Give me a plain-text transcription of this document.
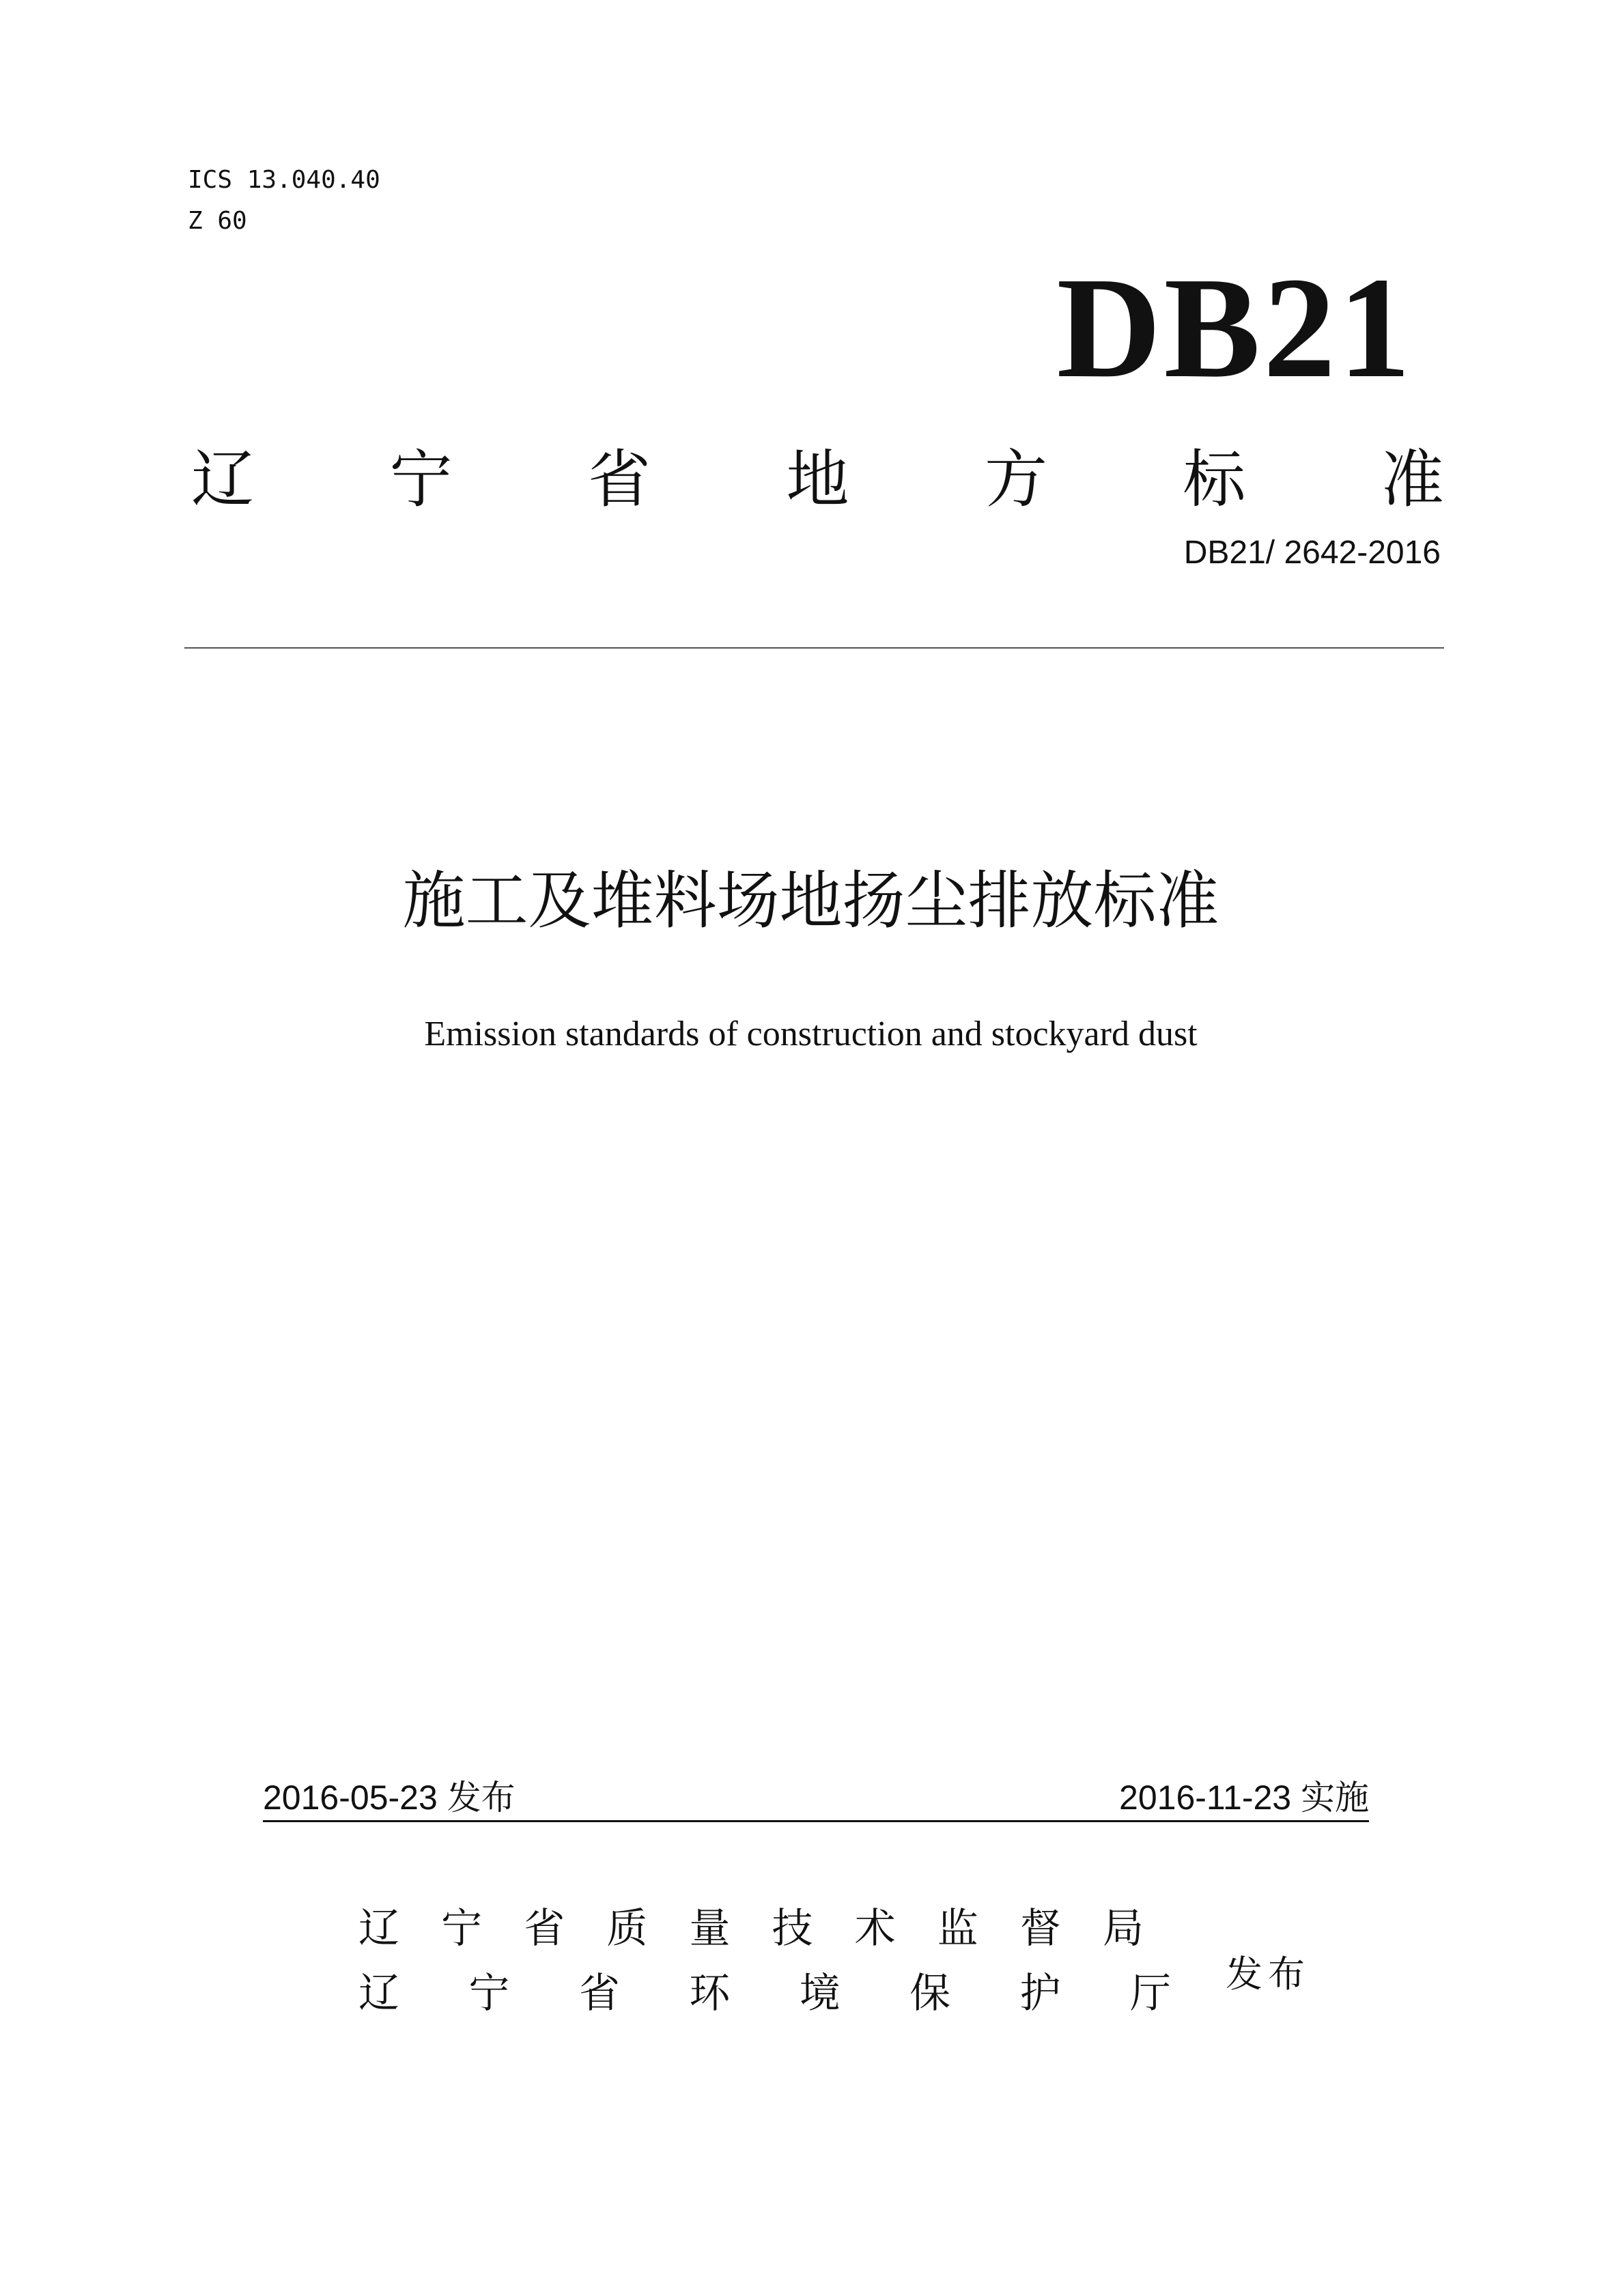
ICS 13.040.40
Z 60
DB21
辽 宁 省 地 方 标 准
DB21/ 2642-2016
施工及堆料场地扬尘排放标准
Emission standards of construction and stockyard dust
2016-05-23 发布	2016-11-23 实施
辽 宁 省 质 量 技 术 监 督 局
辽 宁 省 环 境 保 护 厅 发布
